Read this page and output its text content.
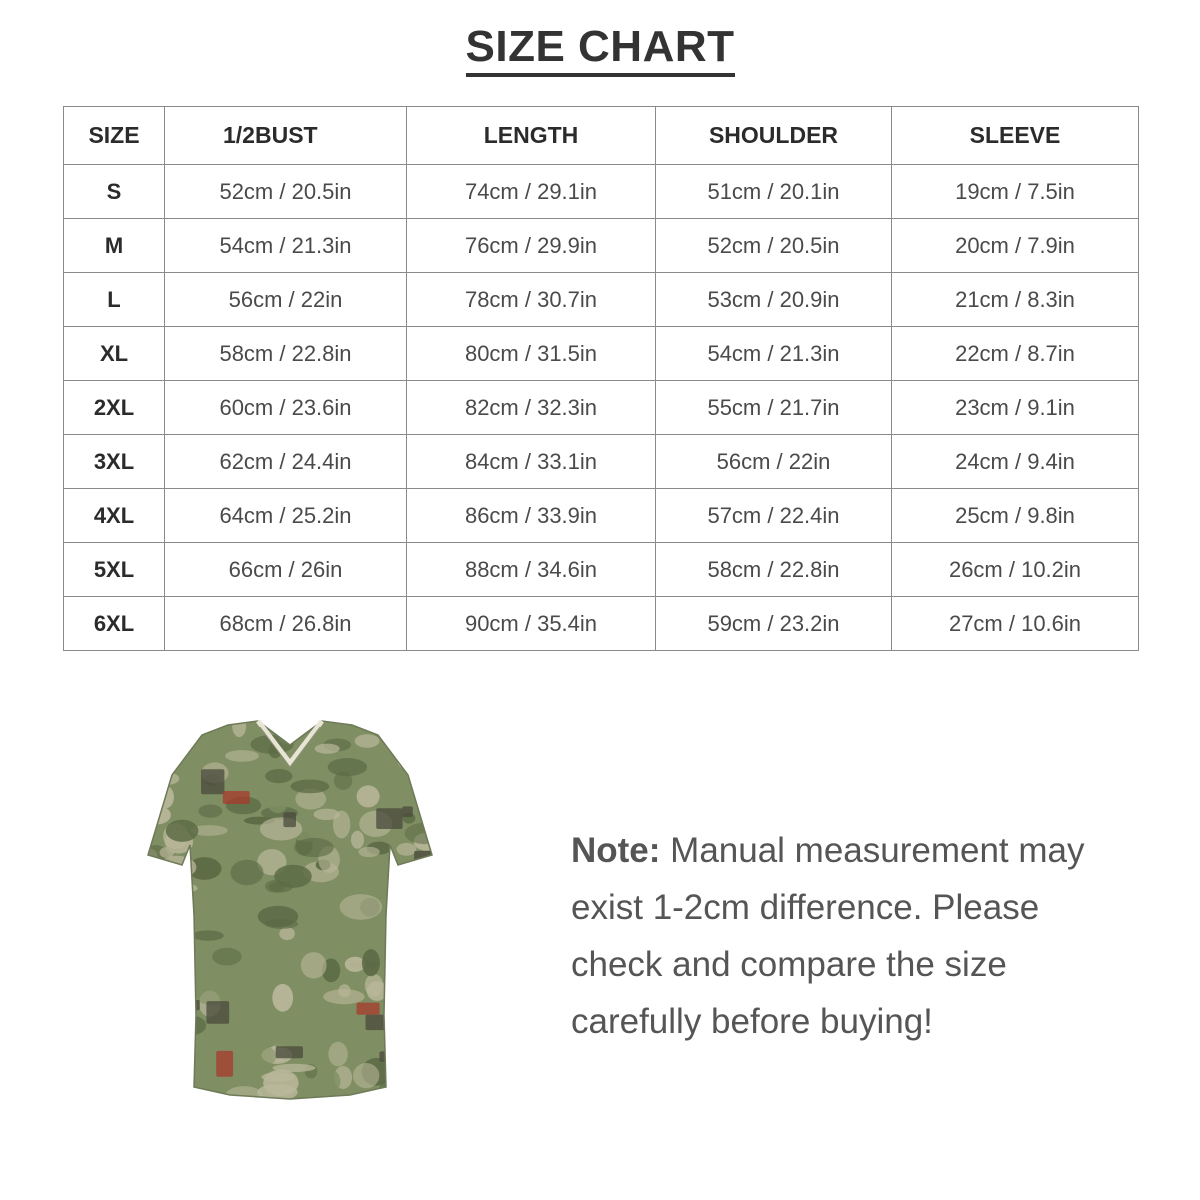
SIZE CHART
SIZE	1/2BUST	LENGTH	SHOULDER	SLEEVE
S	52cm / 20.5in	74cm / 29.1in	51cm / 20.1in	19cm / 7.5in
M	54cm / 21.3in	76cm / 29.9in	52cm / 20.5in	20cm / 7.9in
L	56cm / 22in	78cm / 30.7in	53cm / 20.9in	21cm / 8.3in
XL	58cm / 22.8in	80cm / 31.5in	54cm / 21.3in	22cm / 8.7in
2XL	60cm / 23.6in	82cm / 32.3in	55cm / 21.7in	23cm / 9.1in
3XL	62cm / 24.4in	84cm / 33.1in	56cm / 22in	24cm / 9.4in
4XL	64cm / 25.2in	86cm / 33.9in	57cm / 22.4in	25cm / 9.8in
5XL	66cm / 26in	88cm / 34.6in	58cm / 22.8in	26cm / 10.2in
6XL	68cm / 26.8in	90cm / 35.4in	59cm / 23.2in	27cm / 10.6in
Note: Manual measurement may exist 1-2cm difference. Please check and compare the size carefully before buying!
